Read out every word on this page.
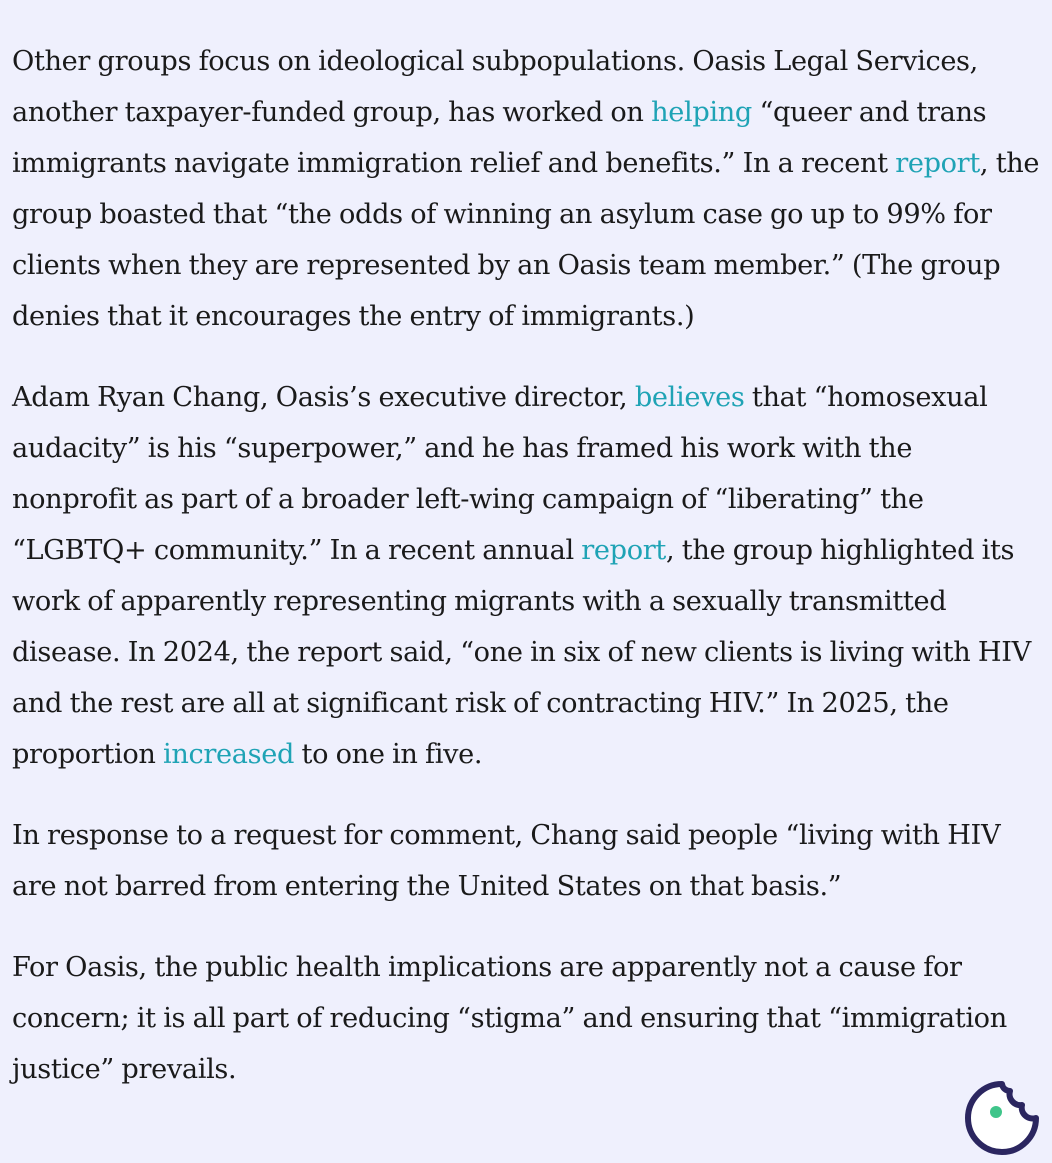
Other groups focus on ideological subpopulations. Oasis Legal Services, another taxpayer-funded group, has worked on helping “queer and trans immigrants navigate immigration relief and benefits.” In a recent report, the group boasted that “the odds of winning an asylum case go up to 99% for clients when they are represented by an Oasis team member.” (The group denies that it encourages the entry of immigrants.)

Adam Ryan Chang, Oasis’s executive director, believes that “homosexual audacity” is his “superpower,” and he has framed his work with the nonprofit as part of a broader left-wing campaign of “liberating” the “LGBTQ+ community.” In a recent annual report, the group highlighted its work of apparently representing migrants with a sexually transmitted disease. In 2024, the report said, “one in six of new clients is living with HIV and the rest are all at significant risk of contracting HIV.” In 2025, the proportion increased to one in five.

In response to a request for comment, Chang said people “living with HIV are not barred from entering the United States on that basis.”

For Oasis, the public health implications are apparently not a cause for concern; it is all part of reducing “stigma” and ensuring that “immigration justice” prevails.
